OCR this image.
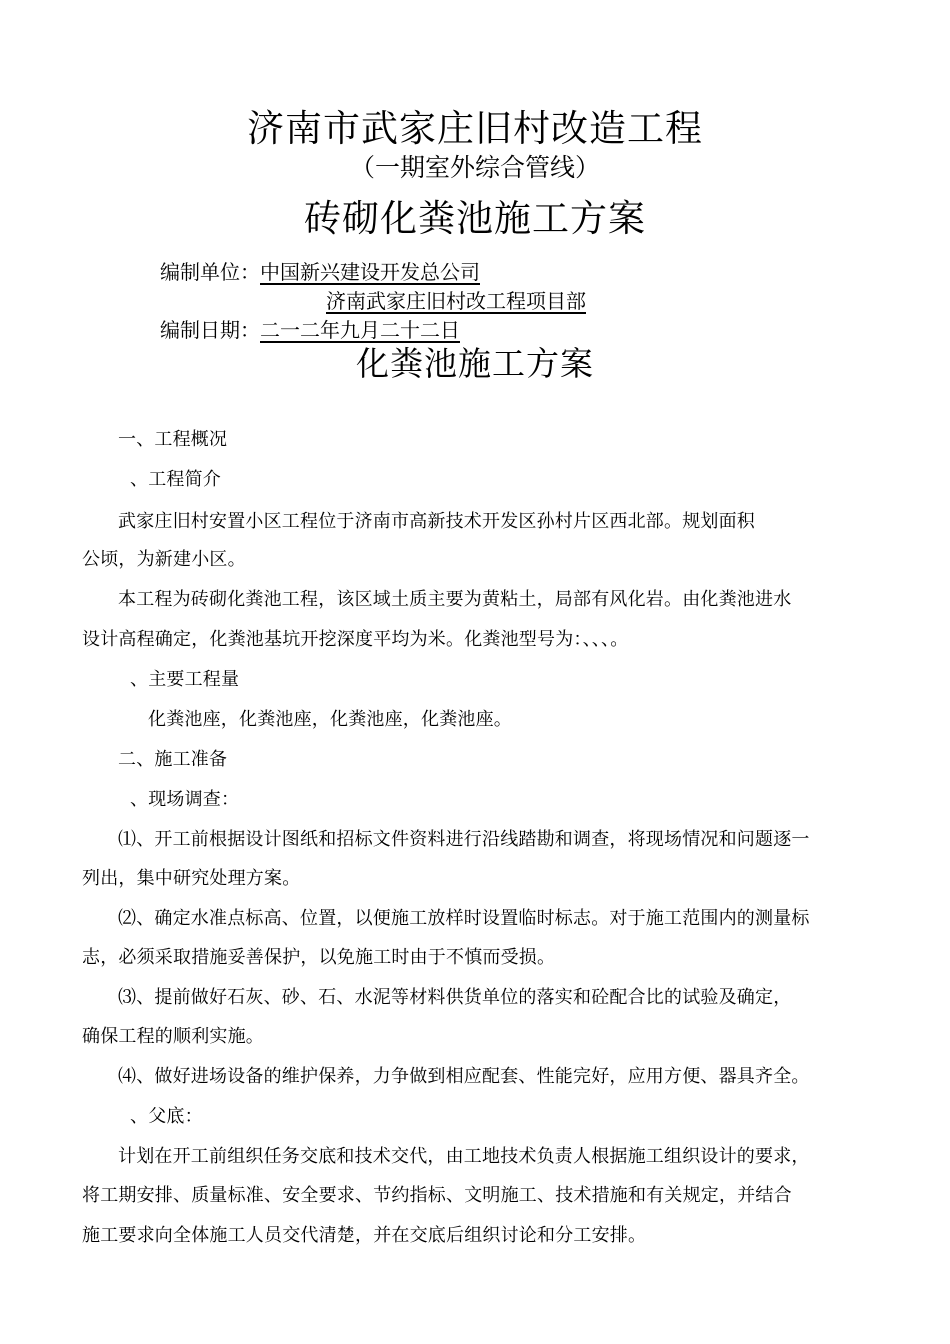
济南市武家庄旧村改造工程
（一期室外综合管线）
砖砌化粪池施工方案
编制单位：中国新兴建设开发总公司
济南武家庄旧村改工程项目部
编制日期：二一二年九月二十二日
化粪池施工方案
一、工程概况
、工程简介
武家庄旧村安置小区工程位于济南市高新技术开发区孙村片区西北部。规划面积
公顷，为新建小区。
本工程为砖砌化粪池工程，该区域土质主要为黄粘土，局部有风化岩。由化粪池进水
设计高程确定，化粪池基坑开挖深度平均为米。化粪池型号为：、、、。
、主要工程量
化粪池座，化粪池座，化粪池座，化粪池座。
二、施工准备
、现场调查：
⑴、开工前根据设计图纸和招标文件资料进行沿线踏勘和调查，将现场情况和问题逐一
列出，集中研究处理方案。
⑵、确定水准点标高、位置，以便施工放样时设置临时标志。对于施工范围内的测量标
志，必须采取措施妥善保护，以免施工时由于不慎而受损。
⑶、提前做好石灰、砂、石、水泥等材料供货单位的落实和砼配合比的试验及确定，
确保工程的顺利实施。
⑷、做好进场设备的维护保养，力争做到相应配套、性能完好，应用方便、器具齐全。
、父底：
计划在开工前组织任务交底和技术交代，由工地技术负责人根据施工组织设计的要求，
将工期安排、质量标准、安全要求、节约指标、文明施工、技术措施和有关规定，并结合
施工要求向全体施工人员交代清楚，并在交底后组织讨论和分工安排。
